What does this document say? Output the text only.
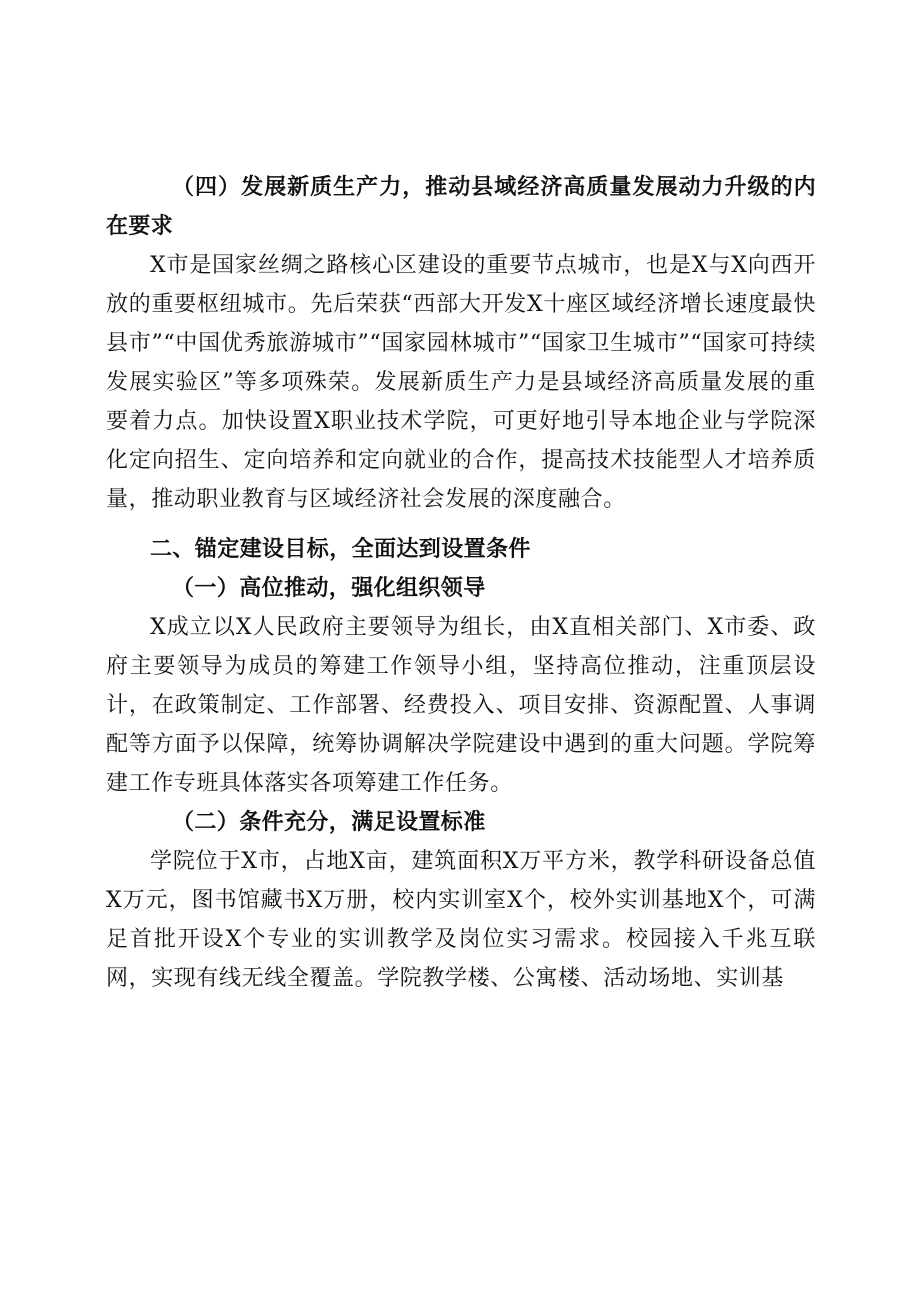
（四）发展新质生产力，推动县域经济高质量发展动力升级的内在要求

X市是国家丝绸之路核心区建设的重要节点城市，也是X与X向西开放的重要枢纽城市。先后荣获“西部大开发X十座区域经济增长速度最快县市”“中国优秀旅游城市”“国家园林城市”“国家卫生城市”“国家可持续发展实验区”等多项殊荣。发展新质生产力是县域经济高质量发展的重要着力点。加快设置X职业技术学院，可更好地引导本地企业与学院深化定向招生、定向培养和定向就业的合作，提高技术技能型人才培养质量，推动职业教育与区域经济社会发展的深度融合。

二、锚定建设目标，全面达到设置条件

（一）高位推动，强化组织领导

X成立以X人民政府主要领导为组长，由X直相关部门、X市委、政府主要领导为成员的筹建工作领导小组，坚持高位推动，注重顶层设计，在政策制定、工作部署、经费投入、项目安排、资源配置、人事调配等方面予以保障，统筹协调解决学院建设中遇到的重大问题。学院筹建工作专班具体落实各项筹建工作任务。

（二）条件充分，满足设置标准

学院位于X市，占地X亩，建筑面积X万平方米，教学科研设备总值X万元，图书馆藏书X万册，校内实训室X个，校外实训基地X个，可满足首批开设X个专业的实训教学及岗位实习需求。校园接入千兆互联网，实现有线无线全覆盖。学院教学楼、公寓楼、活动场地、实训基
